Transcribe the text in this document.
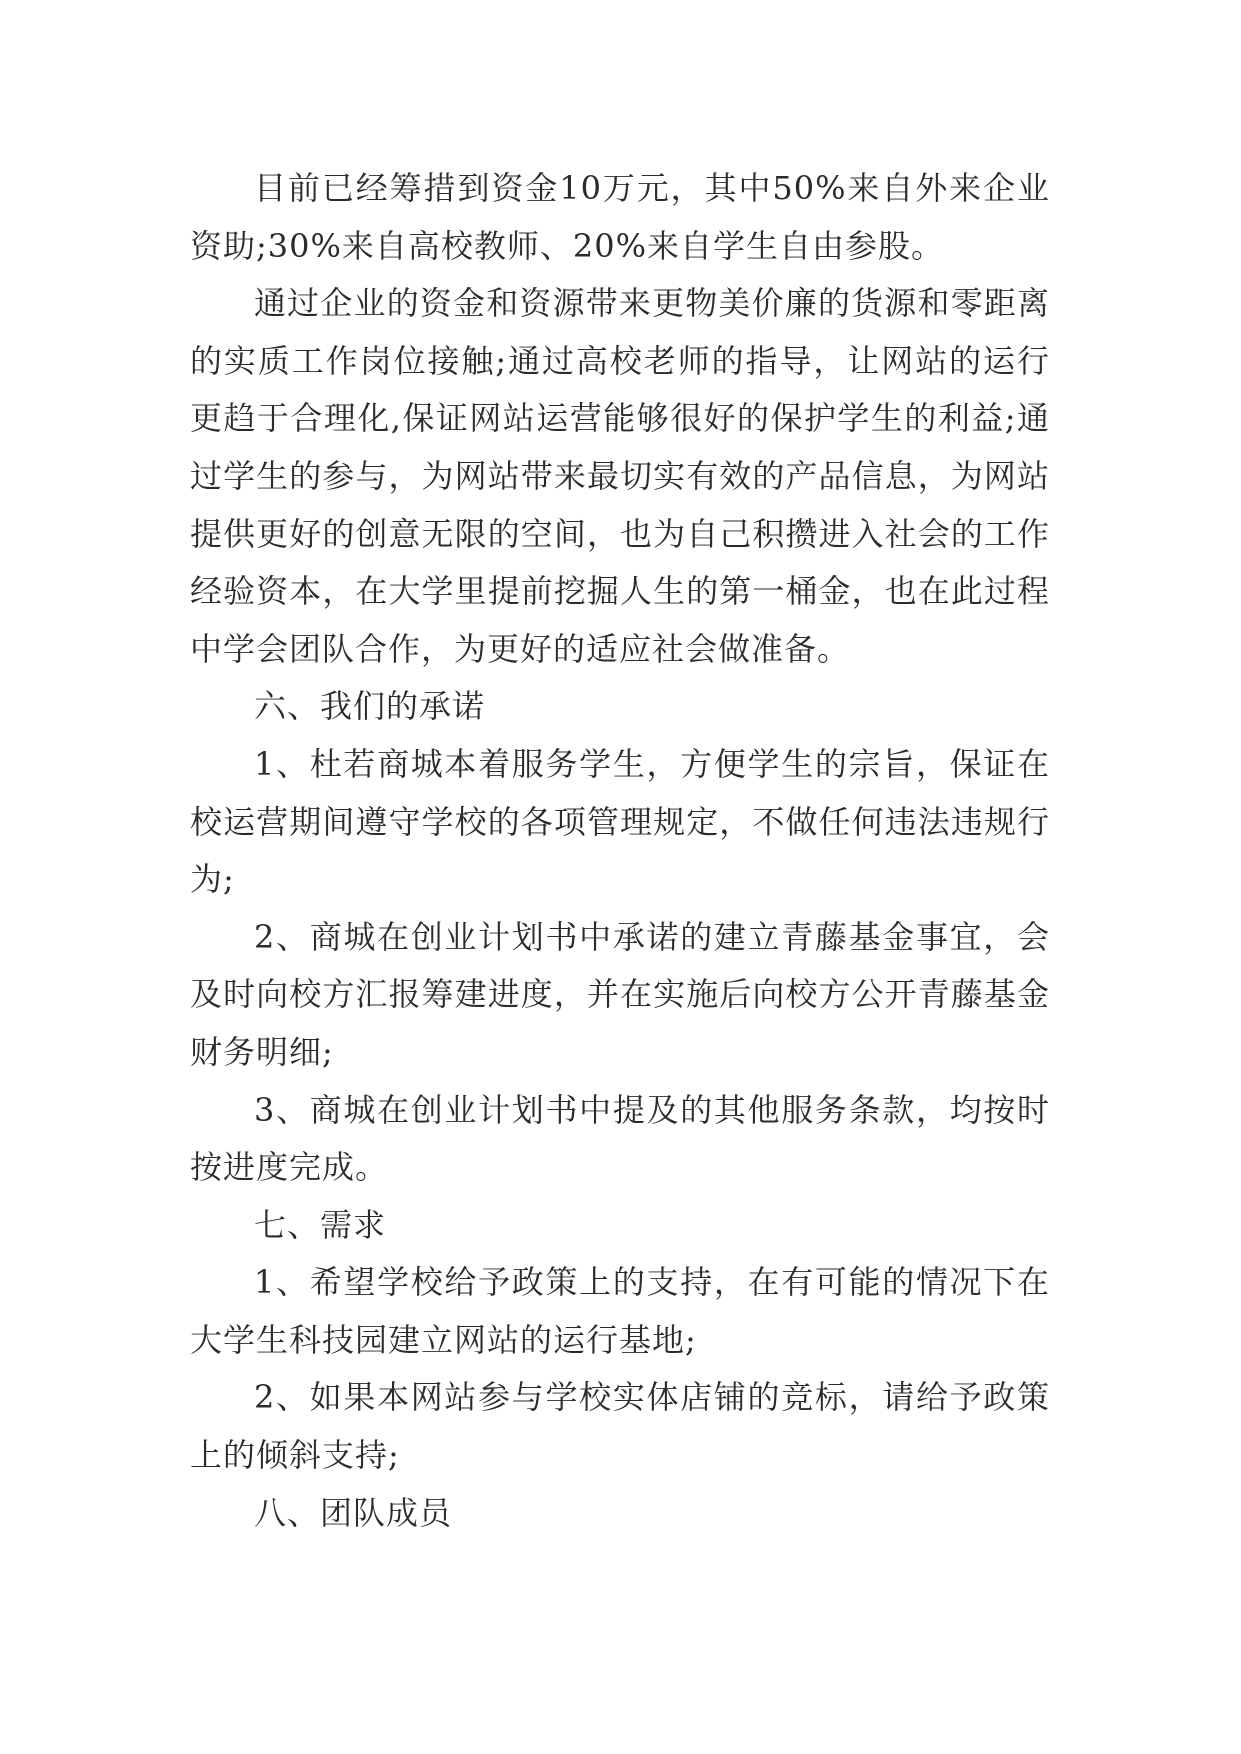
目前已经筹措到资金10万元，其中50%来自外来企业资助;30%来自高校教师、20%来自学生自由参股。

通过企业的资金和资源带来更物美价廉的货源和零距离的实质工作岗位接触;通过高校老师的指导，让网站的运行更趋于合理化,保证网站运营能够很好的保护学生的利益;通过学生的参与，为网站带来最切实有效的产品信息，为网站提供更好的创意无限的空间，也为自己积攒进入社会的工作经验资本，在大学里提前挖掘人生的第一桶金，也在此过程中学会团队合作，为更好的适应社会做准备。

六、我们的承诺

1、杜若商城本着服务学生，方便学生的宗旨，保证在校运营期间遵守学校的各项管理规定，不做任何违法违规行为;

2、商城在创业计划书中承诺的建立青藤基金事宜，会及时向校方汇报筹建进度，并在实施后向校方公开青藤基金财务明细;

3、商城在创业计划书中提及的其他服务条款，均按时按进度完成。

七、需求

1、希望学校给予政策上的支持，在有可能的情况下在大学生科技园建立网站的运行基地;

2、如果本网站参与学校实体店铺的竞标，请给予政策上的倾斜支持;

八、团队成员
